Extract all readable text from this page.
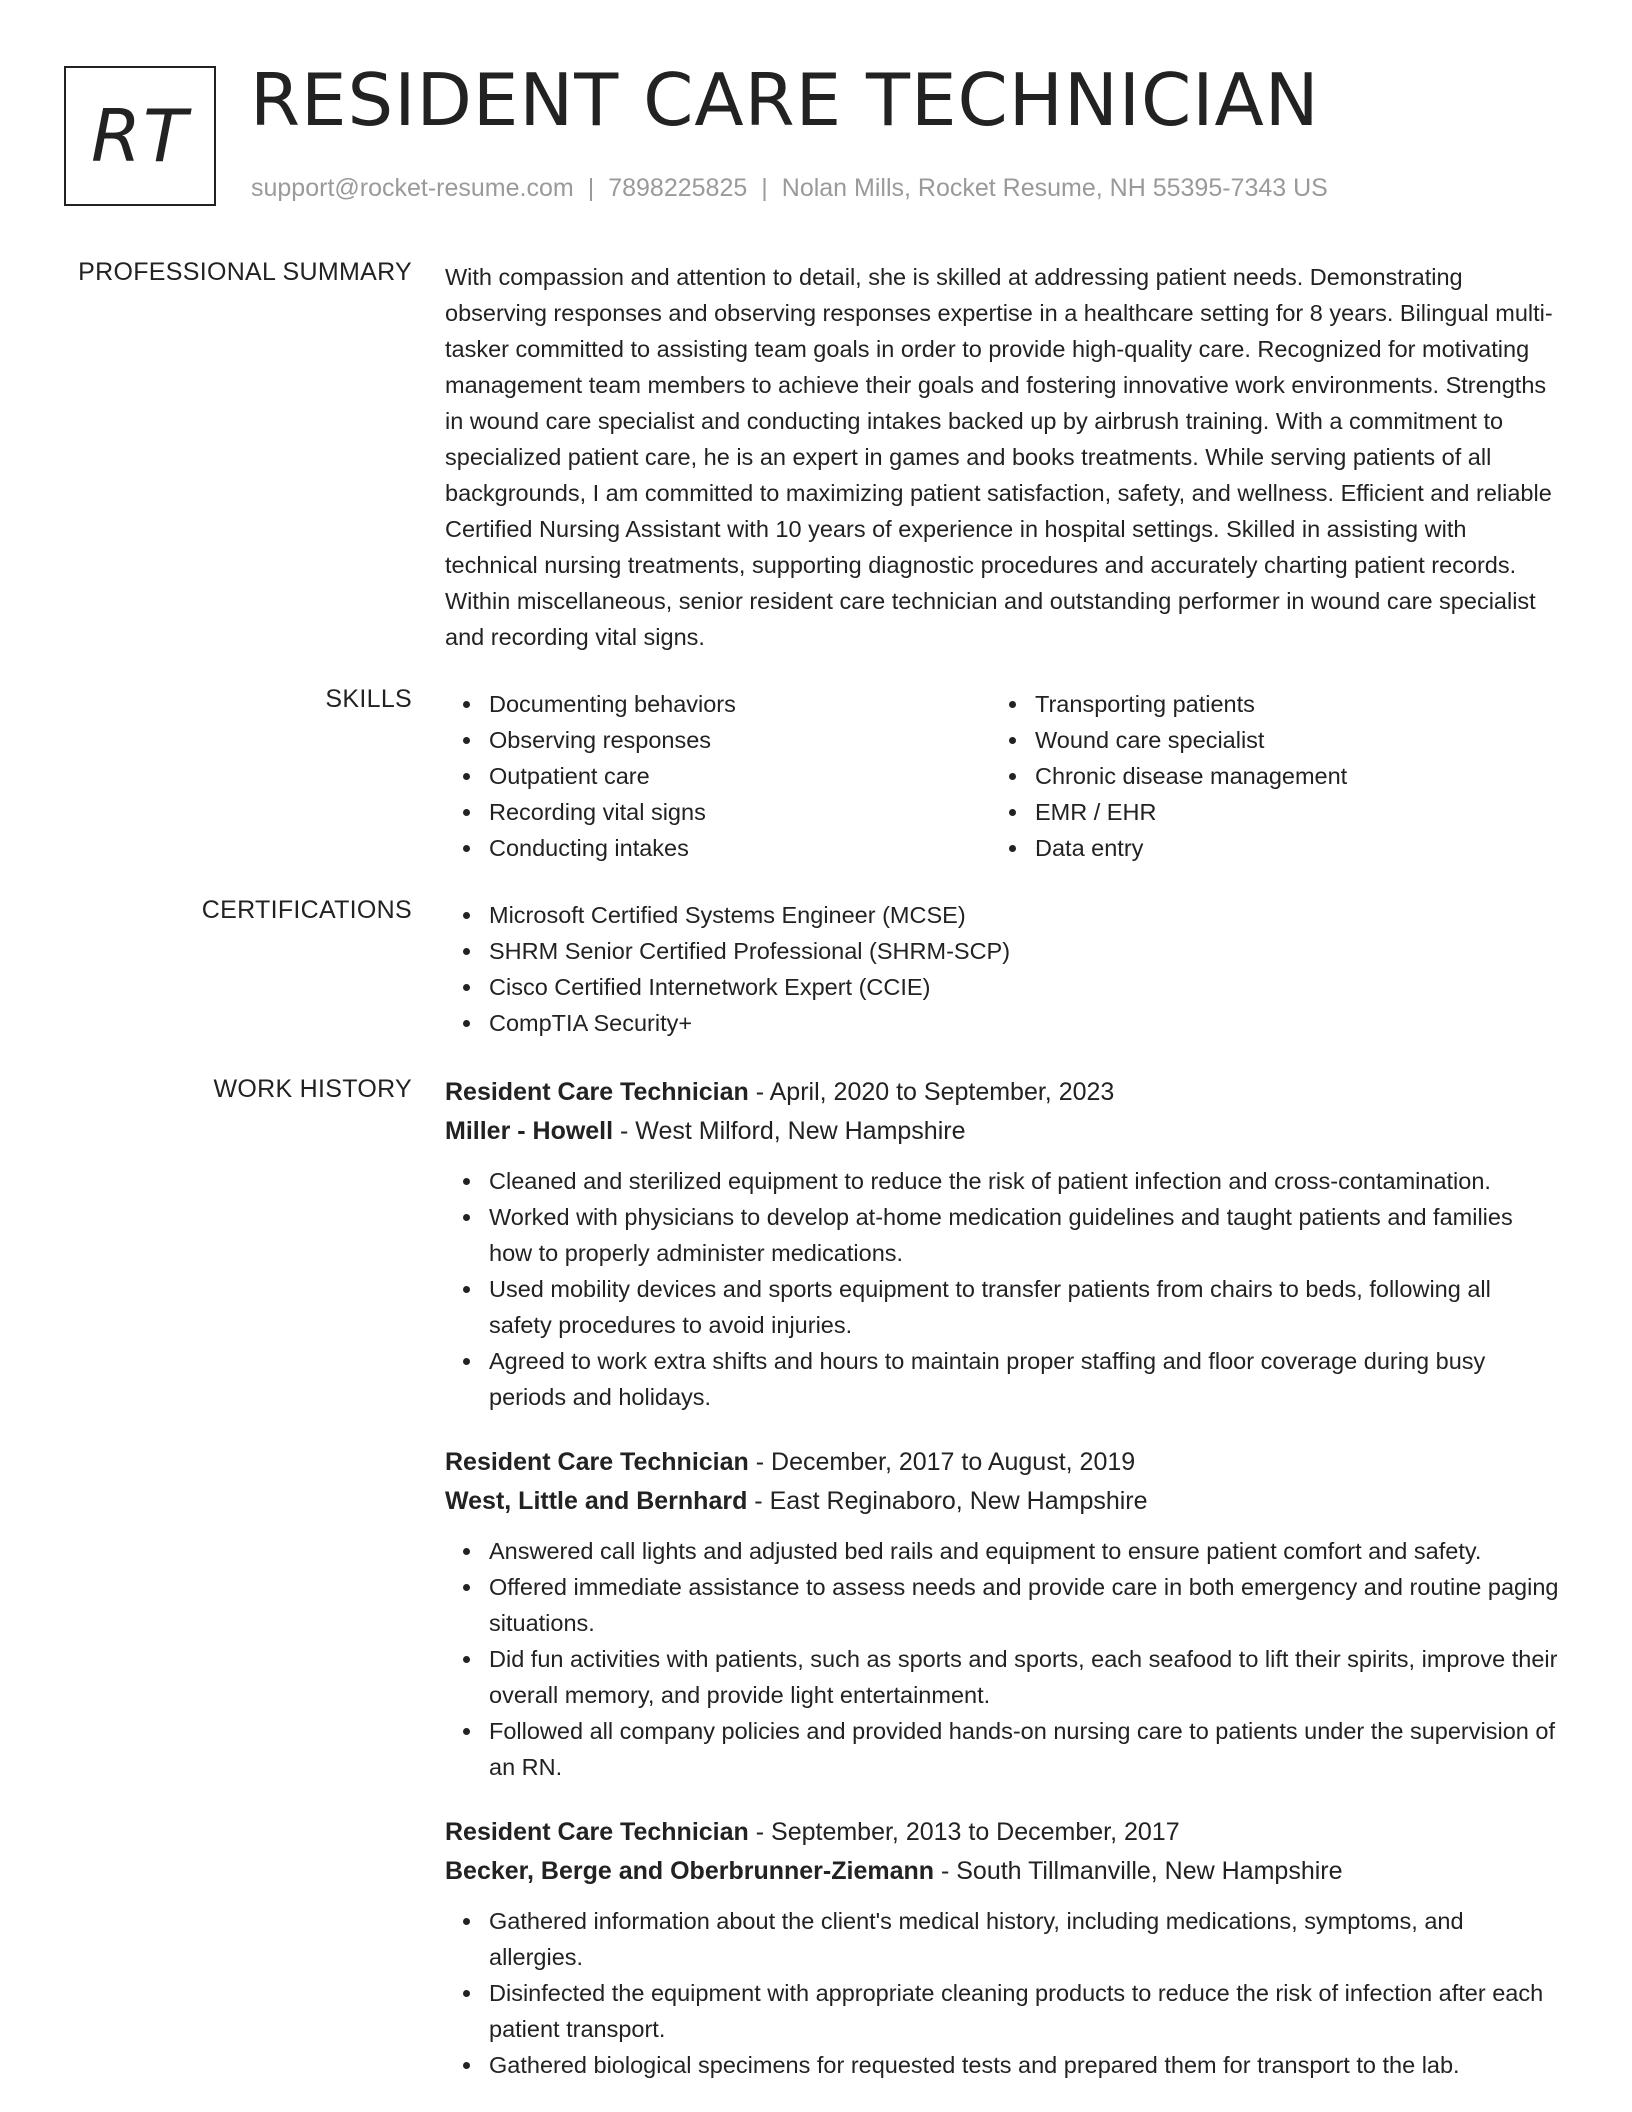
RT RESIDENT CARE TECHNICIAN
support@rocket-resume.com | 7898225825 | Nolan Mills, Rocket Resume, NH 55395-7343 US
PROFESSIONAL SUMMARY With compassion and attention to detail, she is skilled at addressing patient needs. Demonstrating observing responses and observing responses expertise in a healthcare setting for 8 years. Bilingual multi-tasker committed to assisting team goals in order to provide high-quality care. Recognized for motivating management team members to achieve their goals and fostering innovative work environments. Strengths in wound care specialist and conducting intakes backed up by airbrush training. With a commitment to specialized patient care, he is an expert in games and books treatments. While serving patients of all backgrounds, I am committed to maximizing patient satisfaction, safety, and wellness. Efficient and reliable Certified Nursing Assistant with 10 years of experience in hospital settings. Skilled in assisting with technical nursing treatments, supporting diagnostic procedures and accurately charting patient records. Within miscellaneous, senior resident care technician and outstanding performer in wound care specialist and recording vital signs.

SKILLS	Documenting behaviors
Observing responses
Outpatient care
Recording vital signs
Conducting intakes
Transporting patients
Wound care specialist
Chronic disease management
EMR / EHR
Data entry
CERTIFICATIONS	Microsoft Certified Systems Engineer (MCSE)
SHRM Senior Certified Professional (SHRM-SCP)
Cisco Certified Internetwork Expert (CCIE)
CompTIA Security+
WORK HISTORY Resident Care Technician - April, 2020 to September, 2023
Miller - Howell - West Milford, New Hampshire
Cleaned and sterilized equipment to reduce the risk of patient infection and cross-contamination.
Worked with physicians to develop at-home medication guidelines and taught patients and families how to properly administer medications.
Used mobility devices and sports equipment to transfer patients from chairs to beds, following all safety procedures to avoid injuries.
Agreed to work extra shifts and hours to maintain proper staffing and floor coverage during busy periods and holidays.
Resident Care Technician - December, 2017 to August, 2019
West, Little and Bernhard - East Reginaboro, New Hampshire
Answered call lights and adjusted bed rails and equipment to ensure patient comfort and safety.
Offered immediate assistance to assess needs and provide care in both emergency and routine paging situations.
Did fun activities with patients, such as sports and sports, each seafood to lift their spirits, improve their overall memory, and provide light entertainment.
Followed all company policies and provided hands-on nursing care to patients under the supervision of an RN.
Resident Care Technician - September, 2013 to December, 2017
Becker, Berge and Oberbrunner-Ziemann - South Tillmanville, New Hampshire
Gathered information about the client's medical history, including medications, symptoms, and allergies.
Disinfected the equipment with appropriate cleaning products to reduce the risk of infection after each patient transport.
Gathered biological specimens for requested tests and prepared them for transport to the lab.
